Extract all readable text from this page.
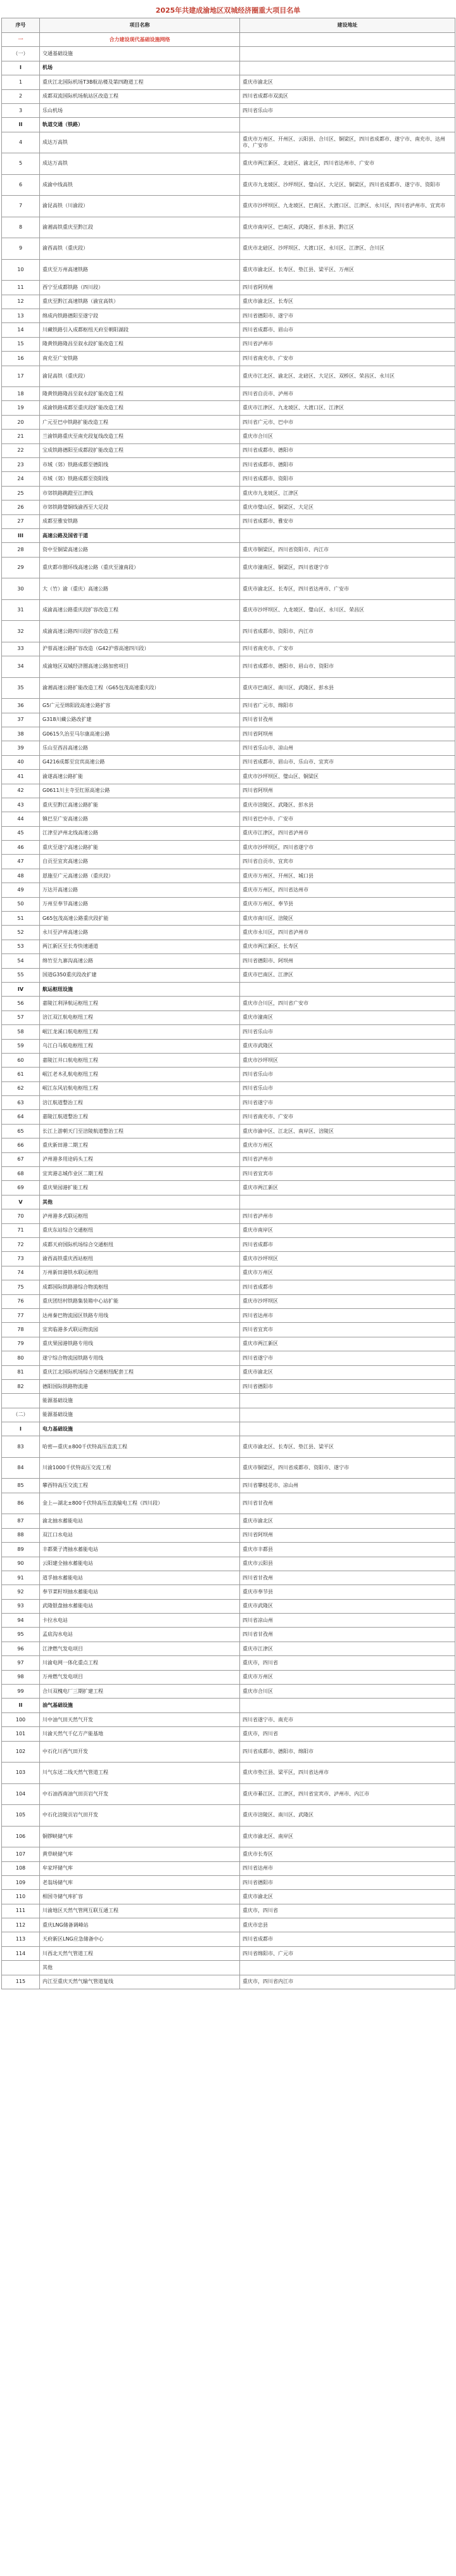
2025年共建成渝地区双城经济圈重大项目名单
序号	项目名称	建设地址
一	合力建设现代基础设施网络	
（一）	交通基础设施	
I	机场	
1	重庆江北国际机场T3B航站楼及第四跑道工程	重庆市渝北区
2	成都双流国际机场航站区改造工程	四川省成都市双流区
3	乐山机场	四川省乐山市
II	轨道交通（铁路）	
4	成达万高铁	重庆市万州区、开州区、云阳县、合川区、铜梁区，四川省成都市、遂宁市、南充市、达州市、广安市
5	成达万高铁	重庆市两江新区、北碚区、渝北区，四川省达州市、广安市
6	成渝中线高铁	重庆市九龙坡区、沙坪坝区、璧山区、大足区、铜梁区，四川省成都市、遂宁市、资阳市
7	渝昆高铁（川渝段）	重庆市沙坪坝区、九龙坡区、巴南区、大渡口区、江津区、永川区，四川省泸州市、宜宾市
8	渝湘高铁重庆至黔江段	重庆市南岸区、巴南区、武隆区、彭水县、黔江区
9	渝西高铁（重庆段）	重庆市北碚区、沙坪坝区、大渡口区、永川区、江津区、合川区
10	重庆至万州高速铁路	重庆市渝北区、长寿区、垫江县、梁平区、万州区
11	西宁至成都铁路（四川段）	四川省阿坝州
12	重庆至黔江高速铁路（渝宜高铁）	重庆市渝北区、长寿区
13	绵成内铁路德阳至遂宁段	四川省德阳市、遂宁市
14	川藏铁路引入成都枢纽天府至朝阳湖段	四川省成都市、眉山市
15	隆黄铁路隆昌至叙永段扩能改造工程	四川省泸州市
16	南充至广安铁路	四川省南充市、广安市
17	渝昆高铁（重庆段）	重庆市江北区、渝北区、北碚区、大足区、双桥区、荣昌区、永川区
18	隆黄铁路隆昌至叙永段扩能改造工程	四川省自贡市、泸州市
19	成渝铁路成都至重庆段扩能改造工程	重庆市江津区、九龙坡区、大渡口区、江津区
20	广元至巴中铁路扩能改造工程	四川省广元市、巴中市
21	兰渝铁路重庆至南充段复线改造工程	重庆市合川区
22	宝成铁路德阳至成都段扩能改造工程	四川省成都市、德阳市
23	市域（郊）铁路成都至德阳线	四川省成都市、德阳市
24	市域（郊）铁路成都至资阳线	四川省成都市、资阳市
25	市郊铁路跳蹬至江津线	重庆市九龙坡区、江津区
26	市郊铁路璧铜线渝西至大足段	重庆市璧山区、铜梁区、大足区
27	成都至雅安铁路	四川省成都市、雅安市
III	高速公路及国省干道	
28	资中至铜梁高速公路	重庆市铜梁区，四川省资阳市、内江市
29	重庆都市圈环线高速公路（重庆至潼南段）	重庆市潼南区、铜梁区，四川省遂宁市
30	大（竹）渝（重庆）高速公路	重庆市渝北区、长寿区，四川省达州市、广安市
31	成渝高速公路重庆段扩容改造工程	重庆市沙坪坝区、九龙坡区、璧山区、永川区、荣昌区
32	成渝高速公路四川段扩容改造工程	四川省成都市、资阳市、内江市
33	沪蓉高速公路扩容改造（G42沪蓉高速四川段）	四川省南充市、广安市
34	成渝地区双城经济圈高速公路加密项目	四川省成都市、德阳市、眉山市、资阳市
35	渝湘高速公路扩能改造工程（G65包茂高速重庆段）	重庆市巴南区、南川区、武隆区、彭水县
36	G5广元至绵阳段高速公路扩容	四川省广元市、绵阳市
37	G318川藏公路改扩建	四川省甘孜州
38	G0615久治至马尔康高速公路	四川省阿坝州
39	乐山至西昌高速公路	四川省乐山市、凉山州
40	G4216成都至宜宾高速公路	四川省成都市、眉山市、乐山市、宜宾市
41	渝遂高速公路扩能	重庆市沙坪坝区、璧山区、铜梁区
42	G0611川主寺至红原高速公路	四川省阿坝州
43	重庆至黔江高速公路扩能	重庆市涪陵区、武隆区、彭水县
44	镇巴至广安高速公路	四川省巴中市、广安市
45	江津至泸州北线高速公路	重庆市江津区，四川省泸州市
46	重庆至遂宁高速公路扩能	重庆市沙坪坝区，四川省遂宁市
47	自贡至宜宾高速公路	四川省自贡市、宜宾市
48	恩施至广元高速公路（重庆段）	重庆市万州区、开州区、城口县
49	万达开高速公路	重庆市万州区，四川省达州市
50	万州至奉节高速公路	重庆市万州区、奉节县
51	G65包茂高速公路重庆段扩能	重庆市南川区、涪陵区
52	永川至泸州高速公路	重庆市永川区，四川省泸州市
53	两江新区至长寿快速通道	重庆市两江新区、长寿区
54	绵竹至九寨沟高速公路	四川省德阳市、阿坝州
55	国道G350重庆段改扩建	重庆市巴南区、江津区
IV	航运枢纽设施	
56	嘉陵江利泽航运枢纽工程	重庆市合川区，四川省广安市
57	涪江双江航电枢纽工程	重庆市潼南区
58	岷江龙溪口航电枢纽工程	四川省乐山市
59	乌江白马航电枢纽工程	重庆市武隆区
60	嘉陵江井口航电枢纽工程	重庆市沙坪坝区
61	岷江老木孔航电枢纽工程	四川省乐山市
62	岷江东风岩航电枢纽工程	四川省乐山市
63	涪江航道整治工程	四川省遂宁市
64	嘉陵江航道整治工程	四川省南充市、广安市
65	长江上游朝天门至涪陵航道整治工程	重庆市渝中区、江北区、南岸区、涪陵区
66	重庆新田港二期工程	重庆市万州区
67	泸州港多用途码头工程	四川省泸州市
68	宜宾港志城作业区二期工程	四川省宜宾市
69	重庆果园港扩能工程	重庆市两江新区
V	其他	
70	泸州港多式联运枢纽	四川省泸州市
71	重庆东站综合交通枢纽	重庆市南岸区
72	成都天府国际机场综合交通枢纽	四川省成都市
73	渝西高铁重庆西站枢纽	重庆市沙坪坝区
74	万州新田港铁水联运枢纽	重庆市万州区
75	成都国际铁路港综合物流枢纽	四川省成都市
76	重庆团结村铁路集装箱中心站扩能	重庆市沙坪坝区
77	达州秦巴物流园区铁路专用线	四川省达州市
78	宜宾临港多式联运物流园	四川省宜宾市
79	重庆果园港铁路专用线	重庆市两江新区
80	遂宁综合物流园铁路专用线	四川省遂宁市
81	重庆江北国际机场综合交通枢纽配套工程	重庆市渝北区
82	德阳国际铁路物流港	四川省德阳市
	能源基础设施	
（二）	能源基础设施	
I	电力基础设施	
83	哈密—重庆±800千伏特高压直流工程	重庆市渝北区、长寿区、垫江县、梁平区
84	川渝1000千伏特高压交流工程	重庆市铜梁区，四川省成都市、资阳市、遂宁市
85	攀西特高压交流工程	四川省攀枝花市、凉山州
86	金上—湖北±800千伏特高压直流输电工程（四川段）	四川省甘孜州
87	渝北抽水蓄能电站	重庆市渝北区
88	双江口水电站	四川省阿坝州
89	丰都栗子湾抽水蓄能电站	重庆市丰都县
90	云阳建全抽水蓄能电站	重庆市云阳县
91	道孚抽水蓄能电站	四川省甘孜州
92	奉节菜籽坝抽水蓄能电站	重庆市奉节县
93	武隆银盘抽水蓄能电站	重庆市武隆区
94	卡拉水电站	四川省凉山州
95	孟底沟水电站	四川省甘孜州
96	江津燃气发电项目	重庆市江津区
97	川渝电网一体化重点工程	重庆市，四川省
98	万州燃气发电项目	重庆市万州区
99	合川双槐电厂三期扩建工程	重庆市合川区
II	油气基础设施	
100	川中油气田天然气开发	四川省遂宁市、南充市
101	川渝天然气千亿方产能基地	重庆市，四川省
102	中石化川西气田开发	四川省成都市、德阳市、绵阳市
103	川气东送二线天然气管道工程	重庆市垫江县、梁平区，四川省达州市
104	中石油西南油气田页岩气开发	重庆市綦江区、江津区，四川省宜宾市、泸州市、内江市
105	中石化涪陵页岩气田开发	重庆市涪陵区、南川区、武隆区
106	铜锣峡储气库	重庆市渝北区、南岸区
107	黄草峡储气库	重庆市长寿区
108	牟家坪储气库	四川省达州市
109	老翁场储气库	四川省德阳市
110	相国寺储气库扩容	重庆市渝北区
111	川渝地区天然气管网互联互通工程	重庆市，四川省
112	重庆LNG储备调峰站	重庆市忠县
113	天府新区LNG应急储备中心	四川省成都市
114	川西北天然气管道工程	四川省绵阳市、广元市
	其他	
115	内江至重庆天然气输气管道复线	重庆市，四川省内江市
